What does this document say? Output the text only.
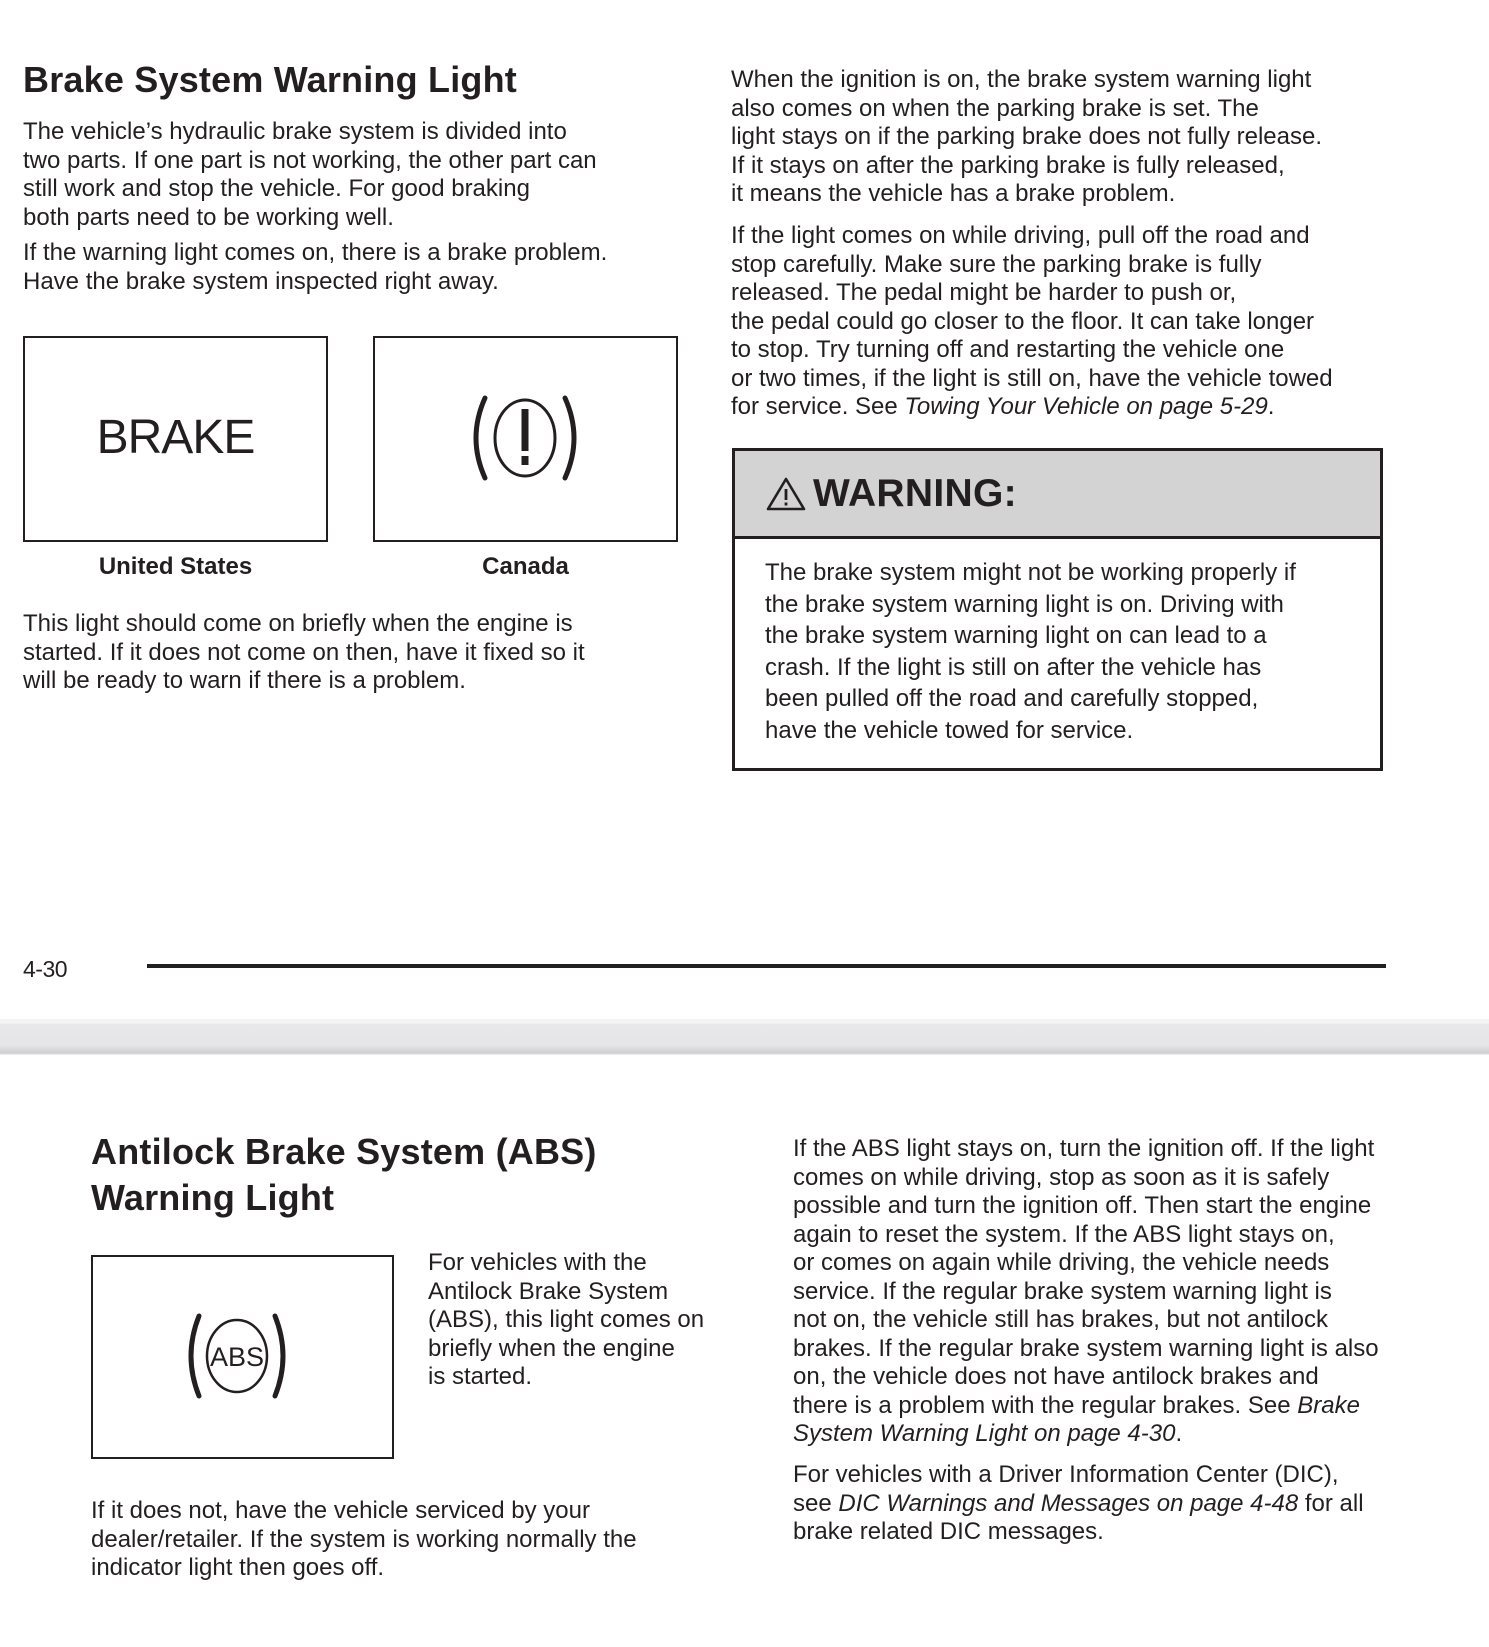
Brake System Warning Light

The vehicle’s hydraulic brake system is divided into
two parts. If one part is not working, the other part can
still work and stop the vehicle. For good braking
both parts need to be working well.

If the warning light comes on, there is a brake problem.
Have the brake system inspected right away.

BRAKE
United States	Canada

This light should come on briefly when the engine is
started. If it does not come on then, have it fixed so it
will be ready to warn if there is a problem.

When the ignition is on, the brake system warning light
also comes on when the parking brake is set. The
light stays on if the parking brake does not fully release.
If it stays on after the parking brake is fully released,
it means the vehicle has a brake problem.

If the light comes on while driving, pull off the road and
stop carefully. Make sure the parking brake is fully
released. The pedal might be harder to push or,
the pedal could go closer to the floor. It can take longer
to stop. Try turning off and restarting the vehicle one
or two times, if the light is still on, have the vehicle towed
for service. See Towing Your Vehicle on page 5-29.

WARNING:

The brake system might not be working properly if
the brake system warning light is on. Driving with
the brake system warning light on can lead to a
crash. If the light is still on after the vehicle has
been pulled off the road and carefully stopped,
have the vehicle towed for service.

4-30
Antilock Brake System (ABS)
Warning Light
ABS

For vehicles with the
Antilock Brake System
(ABS), this light comes on
briefly when the engine
is started.

If it does not, have the vehicle serviced by your
dealer/retailer. If the system is working normally the
indicator light then goes off.

If the ABS light stays on, turn the ignition off. If the light
comes on while driving, stop as soon as it is safely
possible and turn the ignition off. Then start the engine
again to reset the system. If the ABS light stays on,
or comes on again while driving, the vehicle needs
service. If the regular brake system warning light is
not on, the vehicle still has brakes, but not antilock
brakes. If the regular brake system warning light is also
on, the vehicle does not have antilock brakes and
there is a problem with the regular brakes. See Brake
System Warning Light on page 4-30.

For vehicles with a Driver Information Center (DIC),
see DIC Warnings and Messages on page 4-48 for all
brake related DIC messages.
